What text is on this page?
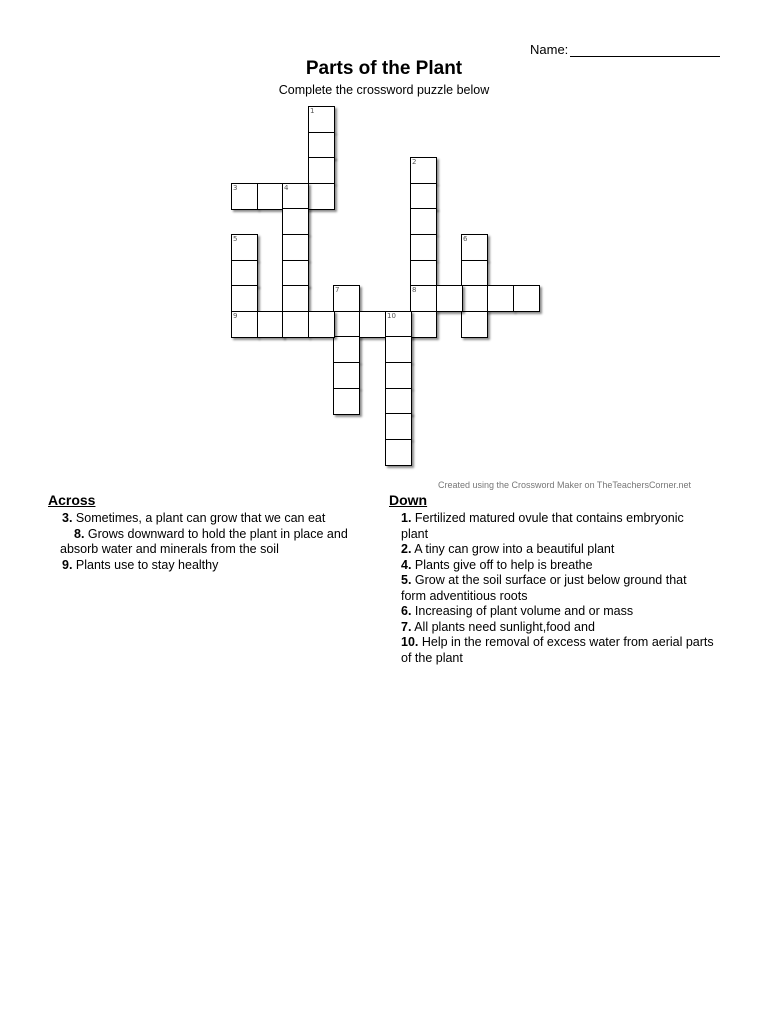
Name:
Parts of the Plant
Complete the crossword puzzle below
1
2
8
3	4
5
9
6
7
10
Created using the Crossword Maker on TheTeachersCorner.net
Across
3. Sometimes, a plant can grow that we can eat
8. Grows downward to hold the plant in place and absorb water and minerals from the soil
9. Plants use to stay healthy
Down
1. Fertilized matured ovule that contains embryonic plant
2. A tiny can grow into a beautiful plant
4. Plants give off to help is breathe
5. Grow at the soil surface or just below ground that form adventitious roots
6. Increasing of plant volume and or mass
7. All plants need sunlight,food and
10. Help in the removal of excess water from aerial parts of the plant
